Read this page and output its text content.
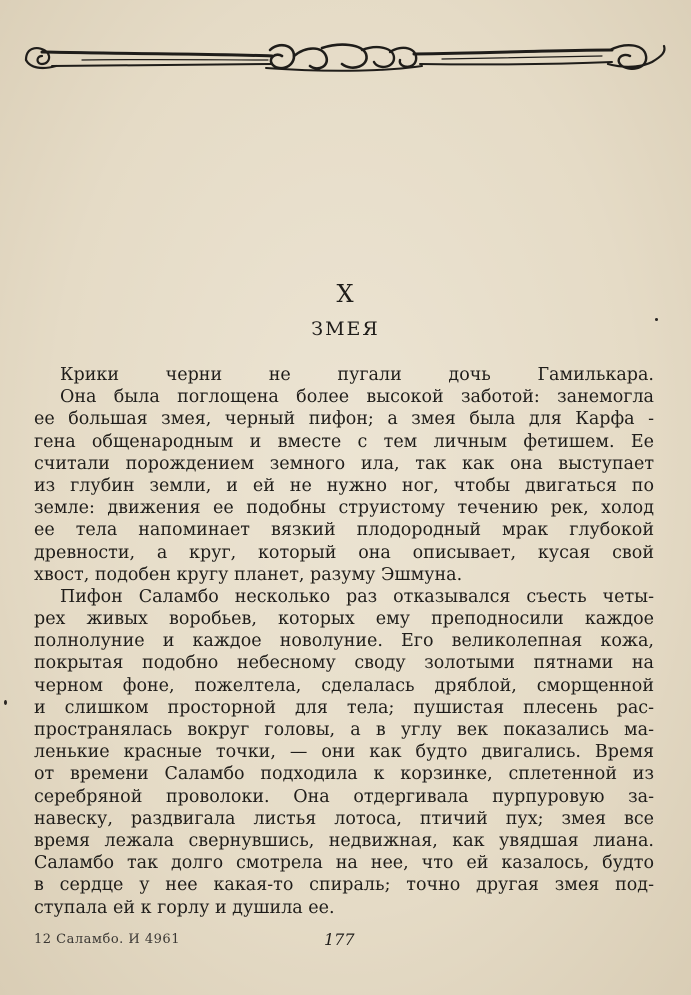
X
ЗМЕЯ
Крики черни не пугали дочь Гамилькара.
Она была поглощена более высокой заботой: занемогла
ее большая змея, черный пифон; а змея была для Карфа -
гена общенародным и вместе с тем личным фетишем. Ее
считали порождением земного ила, так как она выступает
из глубин земли, и ей не нужно ног, чтобы двигаться по
земле: движения ее подобны струистому течению рек, холод
ее тела напоминает вязкий плодородный мрак глубокой
древности, а круг, который она описывает, кусая свой
хвост, подобен кругу планет, разуму Эшмуна.
Пифон Саламбо несколько раз отказывался съесть четы-
рех живых воробьев, которых ему преподносили каждое
полнолуние и каждое новолуние. Его великолепная кожа,
покрытая подобно небесному своду золотыми пятнами на
черном фоне, пожелтела, сделалась дряблой, сморщенной
и слишком просторной для тела; пушистая плесень рас-
пространялась вокруг головы, а в углу век показались ма-
ленькие красные точки, — они как будто двигались. Время
от времени Саламбо подходила к корзинке, сплетенной из
серебряной проволоки. Она отдергивала пурпуровую за-
навеску, раздвигала листья лотоса, птичий пух; змея все
время лежала свернувшись, недвижная, как увядшая лиана.
Саламбо так долго смотрела на нее, что ей казалось, будто
в сердце у нее какая-то спираль; точно другая змея под-
ступала ей к горлу и душила ее.
12 Саламбо. И 4961	177
